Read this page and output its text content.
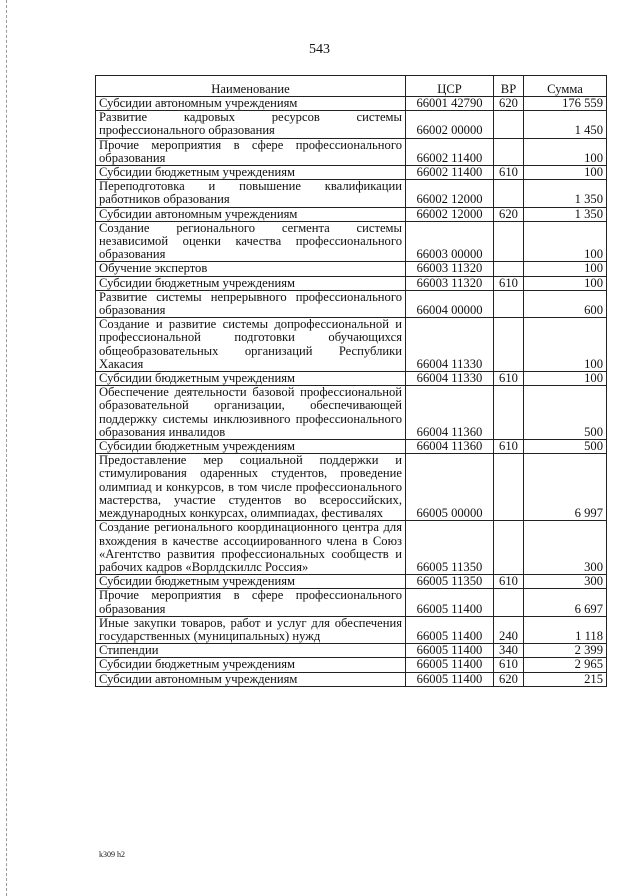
543
Наименование	ЦСР	ВР	Сумма
Субсидии автономным учреждениям	66001 42790	620	176 559
Развитие кадровых ресурсов системы профессионального образования	66002 00000		1 450
Прочие мероприятия в сфере профессионального образования	66002 11400		100
Субсидии бюджетным учреждениям	66002 11400	610	100
Переподготовка и повышение квалификации работников образования	66002 12000		1 350
Субсидии автономным учреждениям	66002 12000	620	1 350
Создание регионального сегмента системы независимой оценки качества профессионального образования	66003 00000		100
Обучение экспертов	66003 11320		100
Субсидии бюджетным учреждениям	66003 11320	610	100
Развитие системы непрерывного профессионального образования	66004 00000		600
Создание и развитие системы допрофессиональной и профессиональной подготовки обучающихся общеобразовательных организаций Республики Хакасия	66004 11330		100
Субсидии бюджетным учреждениям	66004 11330	610	100
Обеспечение деятельности базовой профессиональной образовательной организации, обеспечивающей поддержку системы инклюзивного профессионального образования инвалидов	66004 11360		500
Субсидии бюджетным учреждениям	66004 11360	610	500
Предоставление мер социальной поддержки и стимулирования одаренных студентов, проведение олимпиад и конкурсов, в том числе профессионального мастерства, участие студентов во всероссийских, международных конкурсах, олимпиадах, фестивалях	66005 00000		6 997
Создание регионального координационного центра для вхождения в качестве ассоциированного члена в Союз «Агентство развития профессиональных сообществ и рабочих кадров «Ворлдскиллс Россия»	66005 11350		300
Субсидии бюджетным учреждениям	66005 11350	610	300
Прочие мероприятия в сфере профессионального образования	66005 11400		6 697
Иные закупки товаров, работ и услуг для обеспечения государственных (муниципальных) нужд	66005 11400	240	1 118
Стипендии	66005 11400	340	2 399
Субсидии бюджетным учреждениям	66005 11400	610	2 965
Субсидии автономным учреждениям	66005 11400	620	215
k309 h2
